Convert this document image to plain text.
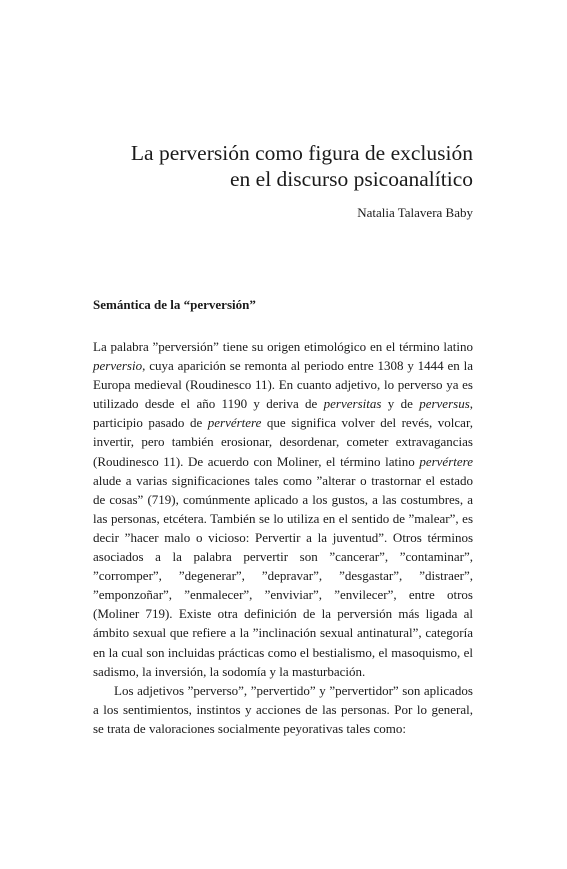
La perversión como figura de exclusión
en el discurso psicoanalítico
Natalia Talavera Baby
Semántica de la “perversión”

La palabra ”perversión” tiene su origen etimológico en el término latino perversio, cuya aparición se remonta al periodo entre 1308 y 1444 en la Europa medieval (Roudinesco 11). En cuanto adjetivo, lo perverso ya es utilizado desde el año 1190 y deriva de perversitas y de perversus, participio pasado de pervértere que significa volver del revés, volcar, invertir, pero también erosionar, desordenar, cometer extravagancias (Roudinesco 11). De acuerdo con Moliner, el término latino pervértere alude a varias significaciones tales como ”alterar o trastornar el estado de cosas” (719), comúnmente aplicado a los gustos, a las costumbres, a las personas, etcétera. También se lo utiliza en el sentido de ”malear”, es decir ”hacer malo o vicioso: Pervertir a la juventud”. Otros términos asociados a la palabra pervertir son ”cancerar”, ”contaminar”, ”corromper”, ”degenerar”, ”depravar”, ”desgastar”, ”distraer”, ”emponzoñar”, ”enmalecer”, ”enviviar”, ”envilecer”, entre otros (Moliner 719). Existe otra definición de la perversión más ligada al ámbito sexual que refiere a la ”inclinación sexual antinatural”, categoría en la cual son incluidas prácticas como el bestialismo, el masoquismo, el sadismo, la inversión, la sodomía y la masturbación.

Los adjetivos ”perverso”, ”pervertido” y ”pervertidor” son aplicados a los sentimientos, instintos y acciones de las personas. Por lo general, se trata de valoraciones socialmente peyorativas tales como:
